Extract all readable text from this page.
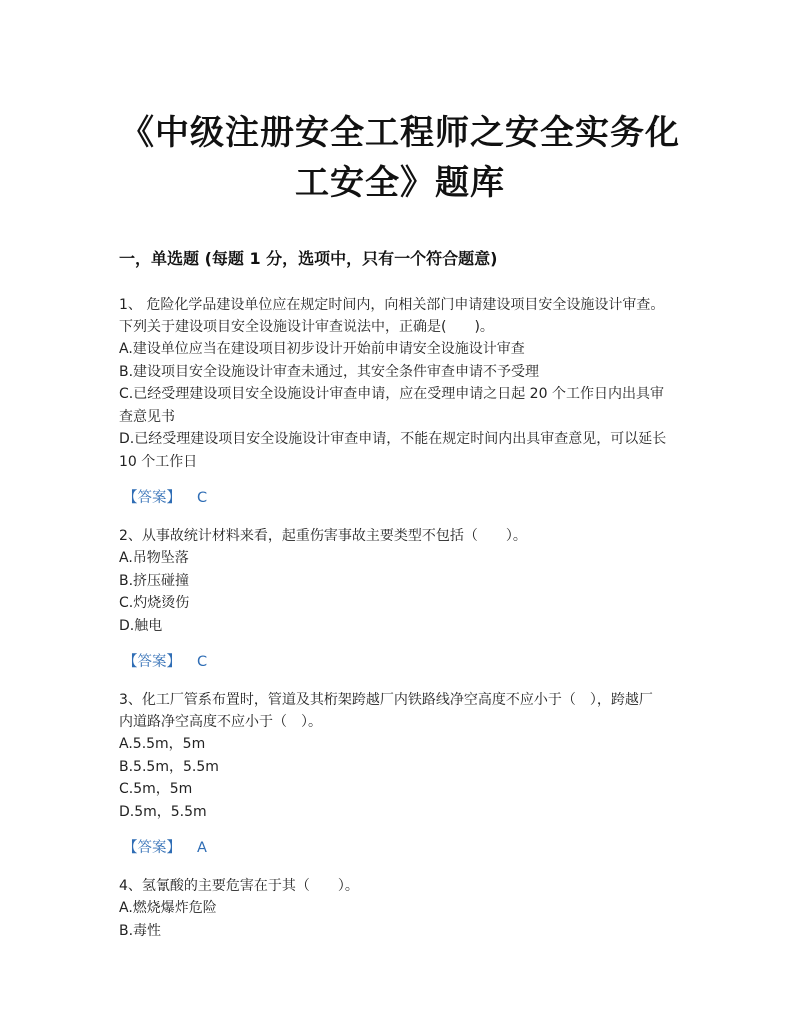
《中级注册安全工程师之安全实务化
工安全》题库
一，单选题 (每题 1 分，选项中，只有一个符合题意)
1、 危险化学品建设单位应在规定时间内，向相关部门申请建设项目安全设施设计审查。
下列关于建设项目安全设施设计审查说法中，正确是(　　)。
A.建设单位应当在建设项目初步设计开始前申请安全设施设计审查
B.建设项目安全设施设计审查未通过，其安全条件审查申请不予受理
C.已经受理建设项目安全设施设计审查申请，应在受理申请之日起 20 个工作日内出具审
查意见书
D.已经受理建设项目安全设施设计审查申请，不能在规定时间内出具审查意见，可以延长
10 个工作日
【答案】 C
2、从事故统计材料来看，起重伤害事故主要类型不包括（　　）。
A.吊物坠落
B.挤压碰撞
C.灼烧烫伤
D.触电
【答案】 C
3、化工厂管系布置时，管道及其桁架跨越厂内铁路线净空高度不应小于（　），跨越厂
内道路净空高度不应小于（　）。
A.5.5m，5m
B.5.5m，5.5m
C.5m，5m
D.5m，5.5m
【答案】 A
4、氢氰酸的主要危害在于其（　　）。
A.燃烧爆炸危险
B.毒性
